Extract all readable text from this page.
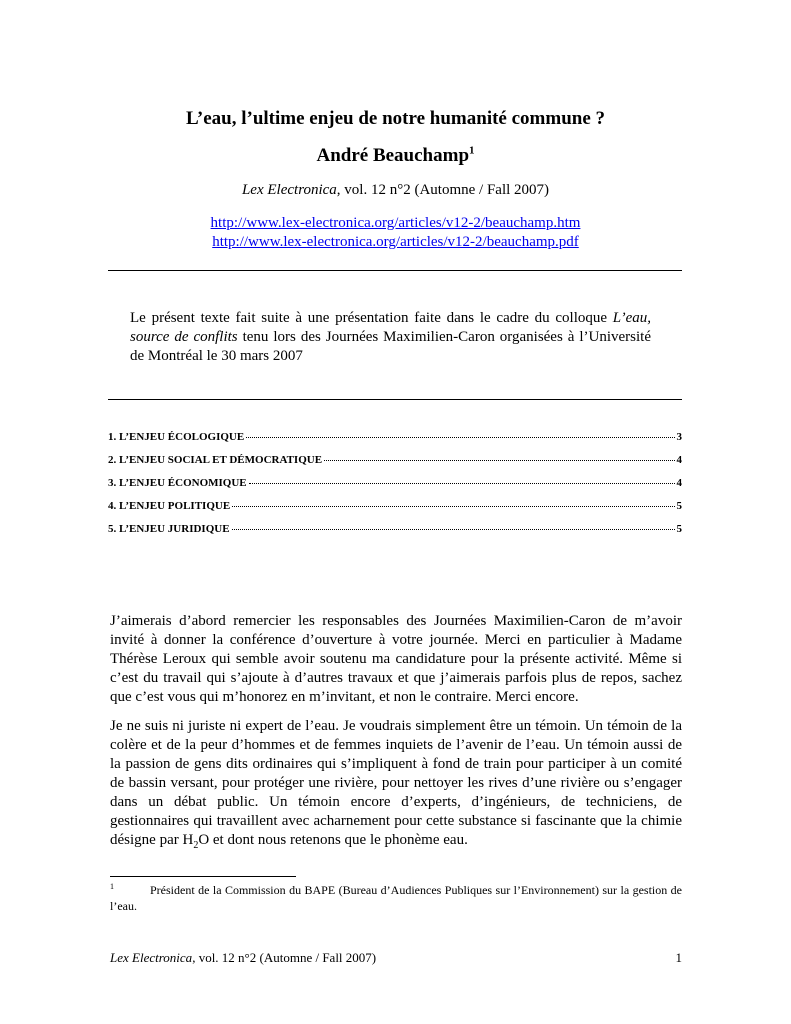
L’eau, l’ultime enjeu de notre humanité commune ?
André Beauchamp$^1$
Lex Electronica, vol. 12 n°2 (Automne / Fall 2007)
http://www.lex-electronica.org/articles/v12-2/beauchamp.htm
http://www.lex-electronica.org/articles/v12-2/beauchamp.pdf
Le présent texte fait suite à une présentation faite dans le cadre du colloque L’eau, source de conflits tenu lors des Journées Maximilien-Caron organisées à l’Université de Montréal le 30 mars 2007
1. L’ENJEU ÉCOLOGIQUE	3
2. L’ENJEU SOCIAL ET DÉMOCRATIQUE	4
3. L’ENJEU ÉCONOMIQUE	4
4. L’ENJEU POLITIQUE	5
5. L’ENJEU JURIDIQUE	5

J’aimerais d’abord remercier les responsables des Journées Maximilien-Caron de m’avoir invité à donner la conférence d’ouverture à votre journée. Merci en particulier à Madame Thérèse Leroux qui semble avoir soutenu ma candidature pour la présente activité. Même si c’est du travail qui s’ajoute à d’autres travaux et que j’aimerais parfois plus de repos, sachez que c’est vous qui m’honorez en m’invitant, et non le contraire. Merci encore.

Je ne suis ni juriste ni expert de l’eau. Je voudrais simplement être un témoin. Un témoin de la colère et de la peur d’hommes et de femmes inquiets de l’avenir de l’eau. Un témoin aussi de la passion de gens dits ordinaires qui s’impliquent à fond de train pour participer à un comité de bassin versant, pour protéger une rivière, pour nettoyer les rives d’une rivière ou s’engager dans un débat public. Un témoin encore d’experts, d’ingénieurs, de techniciens, de gestionnaires qui travaillent avec acharnement pour cette substance si fascinante que la chimie désigne par $H_2O$ et dont nous retenons que le phonème eau.

$^1$	Président de la Commission du BAPE (Bureau d’Audiences Publiques sur l’Environnement) sur la gestion de l’eau.
Lex Electronica, vol. 12 n°2 (Automne / Fall 2007)	1
